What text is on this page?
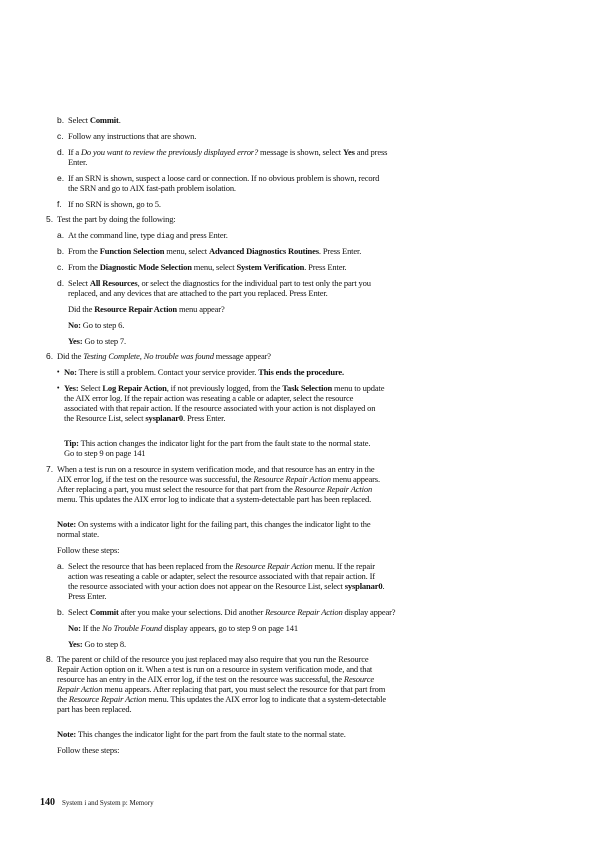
b. Select Commit.
c. Follow any instructions that are shown.
d. If a Do you want to review the previously displayed error? message is shown, select Yes and press
Enter.
e. If an SRN is shown, suspect a loose card or connection. If no obvious problem is shown, record
the SRN and go to AIX fast-path problem isolation.
f. If no SRN is shown, go to 5.
5. Test the part by doing the following:
a. At the command line, type diag and press Enter.
b. From the Function Selection menu, select Advanced Diagnostics Routines. Press Enter.
c. From the Diagnostic Mode Selection menu, select System Verification. Press Enter.
d. Select All Resources, or select the diagnostics for the individual part to test only the part you
replaced, and any devices that are attached to the part you replaced. Press Enter.
Did the Resource Repair Action menu appear?
No: Go to step 6.
Yes: Go to step 7.
6. Did the Testing Complete, No trouble was found message appear?
• No: There is still a problem. Contact your service provider. This ends the procedure.
• Yes: Select Log Repair Action, if not previously logged, from the Task Selection menu to update
the AIX error log. If the repair action was reseating a cable or adapter, select the resource
associated with that repair action. If the resource associated with your action is not displayed on
the Resource List, select sysplanar0. Press Enter.
Tip: This action changes the indicator light for the part from the fault state to the normal state.
Go to step 9 on page 141
7. When a test is run on a resource in system verification mode, and that resource has an entry in the
AIX error log, if the test on the resource was successful, the Resource Repair Action menu appears.
After replacing a part, you must select the resource for that part from the Resource Repair Action
menu. This updates the AIX error log to indicate that a system-detectable part has been replaced.
Note: On systems with a indicator light for the failing part, this changes the indicator light to the
normal state.
Follow these steps:
a. Select the resource that has been replaced from the Resource Repair Action menu. If the repair
action was reseating a cable or adapter, select the resource associated with that repair action. If
the resource associated with your action does not appear on the Resource List, select sysplanar0.
Press Enter.
b. Select Commit after you make your selections. Did another Resource Repair Action display appear?
No: If the No Trouble Found display appears, go to step 9 on page 141
Yes: Go to step 8.
8. The parent or child of the resource you just replaced may also require that you run the Resource
Repair Action option on it. When a test is run on a resource in system verification mode, and that
resource has an entry in the AIX error log, if the test on the resource was successful, the Resource
Repair Action menu appears. After replacing that part, you must select the resource for that part from
the Resource Repair Action menu. This updates the AIX error log to indicate that a system-detectable
part has been replaced.
Note: This changes the indicator light for the part from the fault state to the normal state.
Follow these steps:
140 System i and System p: Memory
